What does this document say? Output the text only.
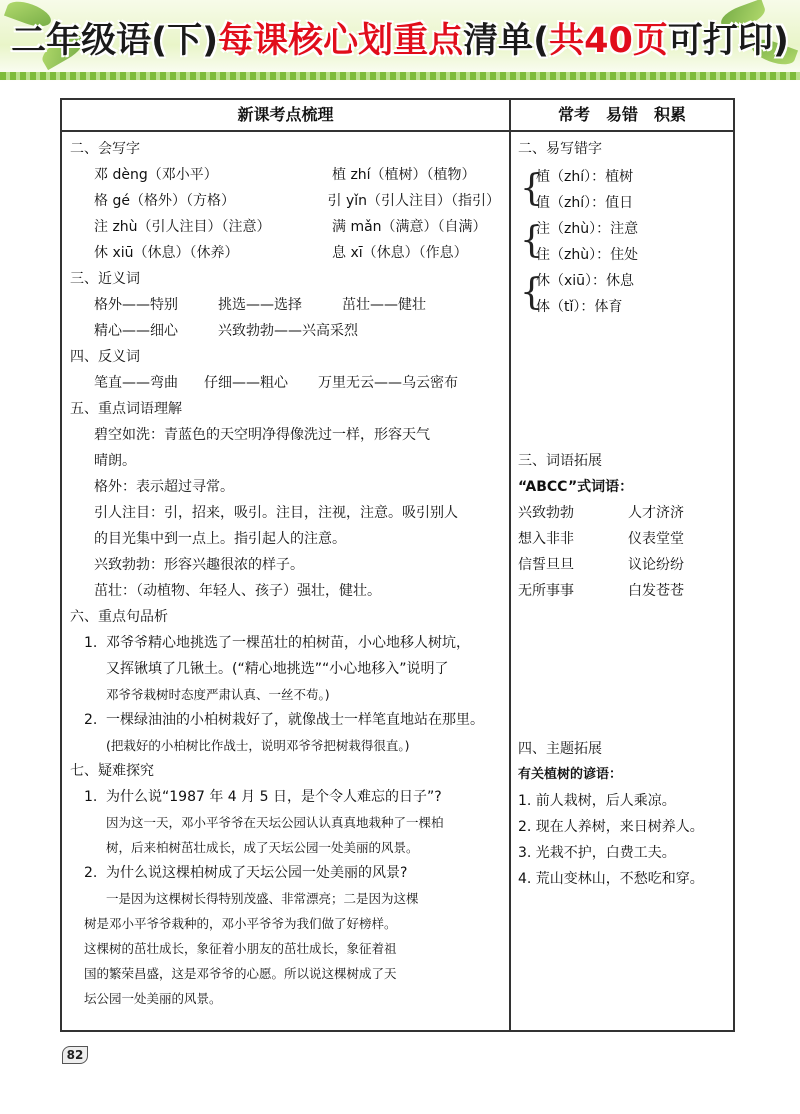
二年级语(下) 每课核心划重点 清单( 共40页 可打印)
新课考点梳理	常考　易错　积累
二、会写字
邓 dèng（邓小平）	植 zhí（植树）（植物）
格 gé（格外）（方格）	引 yǐn（引人注目）（指引）
注 zhù（引人注目）（注意）	满 mǎn（满意）（自满）
休 xiū（休息）（休养）	息 xī（休息）（作息）
三、近义词
格外——特别	挑选——选择	茁壮——健壮
精心——细心	兴致勃勃——兴高采烈
四、反义词
笔直——弯曲	仔细——粗心	万里无云——乌云密布
五、重点词语理解
碧空如洗：青蓝色的天空明净得像洗过一样，形容天气
晴朗。
格外：表示超过寻常。
引人注目：引，招来，吸引。注目，注视，注意。吸引别人
的目光集中到一点上。指引起人的注意。
兴致勃勃：形容兴趣很浓的样子。
茁壮：（动植物、年轻人、孩子）强壮，健壮。
六、重点句品析
1. 邓爷爷精心地挑选了一棵茁壮的柏树苗，小心地移人树坑，
又挥锹填了几锹土。(“精心地挑选”“小心地移入”说明了
邓爷爷栽树时态度严肃认真、一丝不苟。)
2. 一棵绿油油的小柏树栽好了，就像战士一样笔直地站在那里。
(把栽好的小柏树比作战士，说明邓爷爷把树栽得很直。)
七、疑难探究
1. 为什么说“1987 年 4 月 5 日，是个令人难忘的日子”?
因为这一天，邓小平爷爷在天坛公园认认真真地栽种了一棵柏
树，后来柏树茁壮成长，成了天坛公园一处美丽的风景。
2. 为什么说这棵柏树成了天坛公园一处美丽的风景?
一是因为这棵树长得特别茂盛、非常漂亮；二是因为这棵
树是邓小平爷爷栽种的，邓小平爷爷为我们做了好榜样。
这棵树的茁壮成长，象征着小朋友的茁壮成长，象征着祖
国的繁荣昌盛，这是邓爷爷的心愿。所以说这棵树成了天
坛公园一处美丽的风景。
二、易写错字
{
植（zhí）：植树
值（zhí）：值日
{
注（zhù）：注意
住（zhù）：住处
{
休（xiū）：休息
体（tǐ）：体育
三、词语拓展
“ABCC”式词语：
兴致勃勃	人才济济
想入非非	仪表堂堂
信誓旦旦	议论纷纷
无所事事	白发苍苍
四、主题拓展
有关植树的谚语：
1. 前人栽树，后人乘凉。
2. 现在人养树，来日树养人。
3. 光栽不护，白费工夫。
4. 荒山变林山，不愁吃和穿。
82
